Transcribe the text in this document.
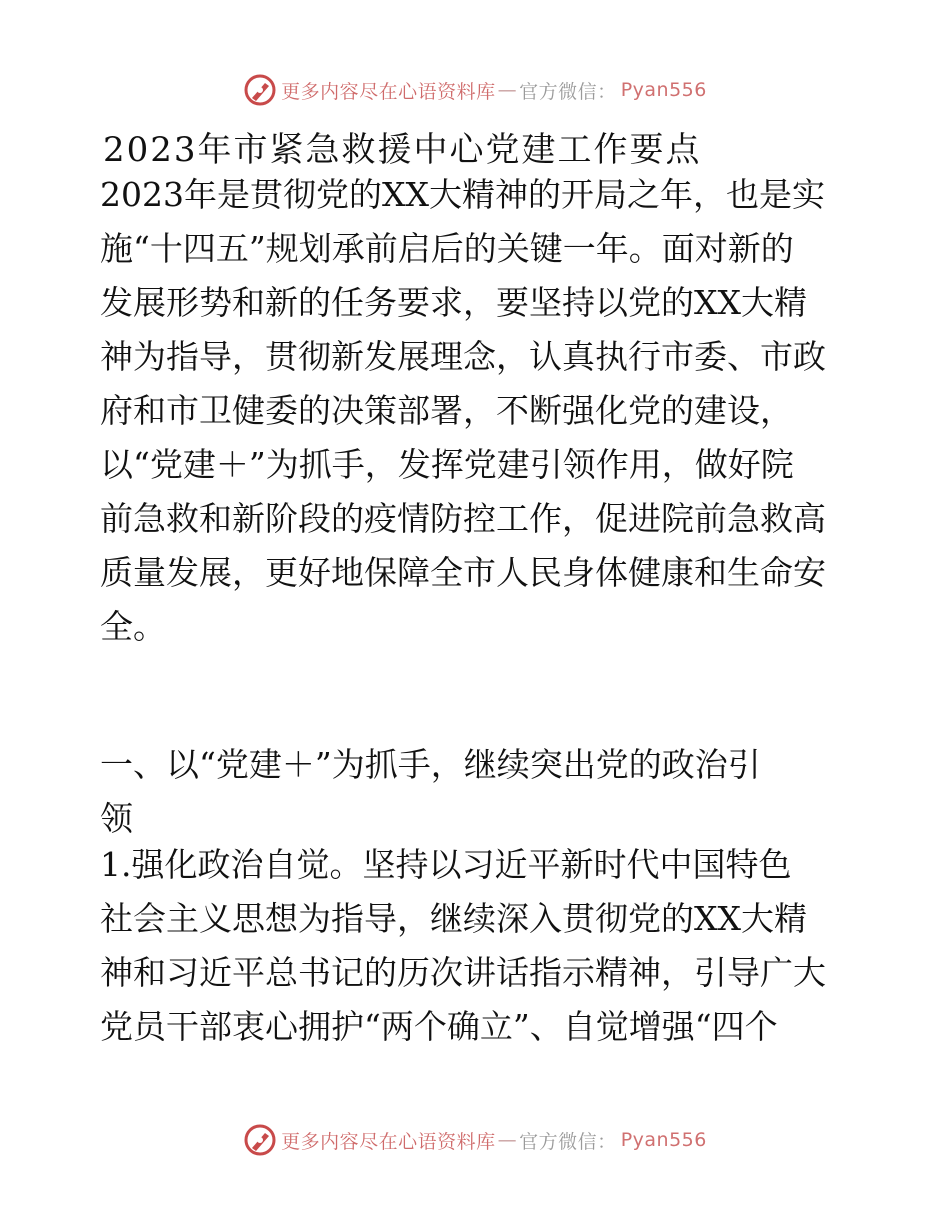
更多内容尽在心语资料库 — 官方微信： Pyan556
2023年市紧急救援中心党建工作要点

2023年是贯彻党的XX大精神的开局之年，也是实
施“十四五”规划承前启后的关键一年。面对新的
发展形势和新的任务要求，要坚持以党的XX大精
神为指导，贯彻新发展理念，认真执行市委、市政
府和市卫健委的决策部署，不断强化党的建设，
以“党建＋”为抓手，发挥党建引领作用，做好院
前急救和新阶段的疫情防控工作，促进院前急救高
质量发展，更好地保障全市人民身体健康和生命安
全。

一、以“党建＋”为抓手，继续突出党的政治引
领

1.强化政治自觉。坚持以习近平新时代中国特色
社会主义思想为指导，继续深入贯彻党的XX大精
神和习近平总书记的历次讲话指示精神，引导广大
党员干部衷心拥护“两个确立”、自觉增强“四个

更多内容尽在心语资料库 — 官方微信： Pyan556
